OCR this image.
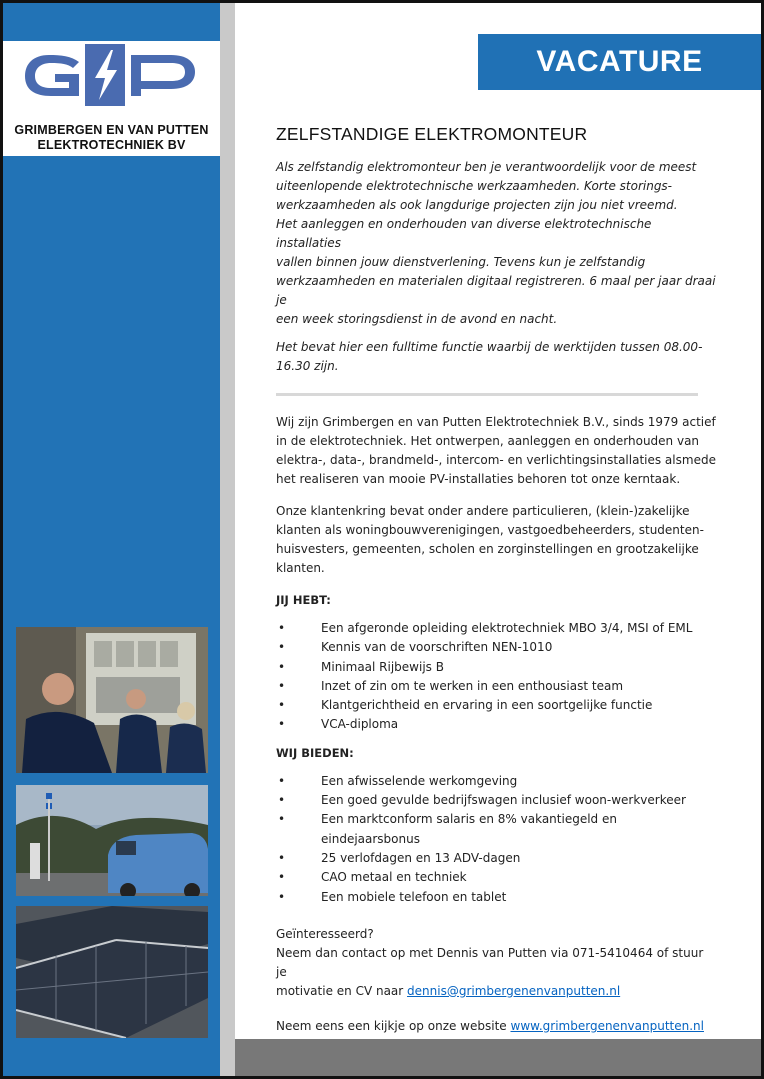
GRIMBERGEN EN VAN PUTTEN
ELEKTROTECHNIEK BV
VACATURE

ZELFSTANDIGE ELEKTROMONTEUR

Als zelfstandig elektromonteur ben je verantwoordelijk voor de meest
uiteenlopende elektrotechnische werkzaamheden. Korte storings-
werkzaamheden als ook langdurige projecten zijn jou niet vreemd.
Het aanleggen en onderhouden van diverse elektrotechnische installaties
vallen binnen jouw dienstverlening. Tevens kun je zelfstandig
werkzaamheden en materialen digitaal registreren. 6 maal per jaar draai je
een week storingsdienst in de avond en nacht.

Het bevat hier een fulltime functie waarbij de werktijden tussen 08.00-
16.30 zijn.

Wij zijn Grimbergen en van Putten Elektrotechniek B.V., sinds 1979 actief
in de elektrotechniek. Het ontwerpen, aanleggen en onderhouden van
elektra-, data-, brandmeld-, intercom- en verlichtingsinstallaties alsmede
het realiseren van mooie PV-installaties behoren tot onze kerntaak.

Onze klantenkring bevat onder andere particulieren, (klein-)zakelijke
klanten als woningbouwverenigingen, vastgoedbeheerders, studenten-
huisvesters, gemeenten, scholen en zorginstellingen en grootzakelijke
klanten.

JIJ HEBT:

•	Een afgeronde opleiding elektrotechniek MBO 3/4, MSI of EML
•	Kennis van de voorschriften NEN-1010
•	Minimaal Rijbewijs B
•	Inzet of zin om te werken in een enthousiast team
•	Klantgerichtheid en ervaring in een soortgelijke functie
•	VCA-diploma

WIJ BIEDEN:

•	Een afwisselende werkomgeving
•	Een goed gevulde bedrijfswagen inclusief woon-werkverkeer
•	Een marktconform salaris en 8% vakantiegeld en eindejaarsbonus
•	25 verlofdagen en 13 ADV-dagen
•	CAO metaal en techniek
•	Een mobiele telefoon en tablet

Geïnteresseerd?
Neem dan contact op met Dennis van Putten via 071-5410464 of stuur je
motivatie en CV naar dennis@grimbergenenvanputten.nl

Neem eens een kijkje op onze website www.grimbergenenvanputten.nl
